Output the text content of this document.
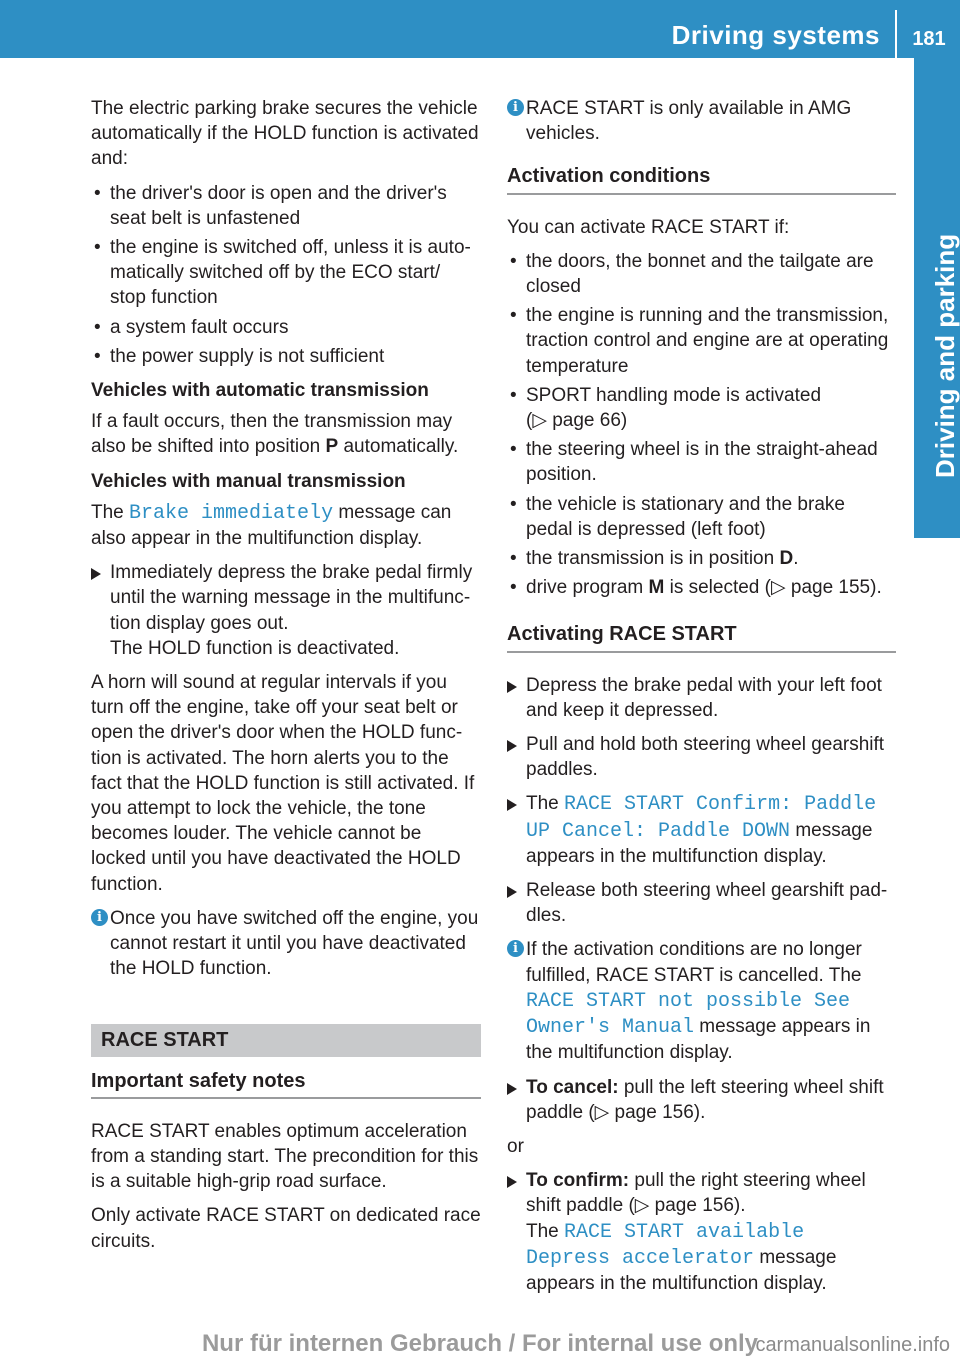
Driving systems	181
Driving and parking

The electric parking brake secures the vehicle automatically if the HOLD function is activated and:

• the driver's door is open and the driver's seat belt is unfastened
• the engine is switched off, unless it is automatically switched off by the ECO start/ stop function
• a system fault occurs
• the power supply is not sufficient

Vehicles with automatic transmission

If a fault occurs, then the transmission may also be shifted into position P automatically.

Vehicles with manual transmission

The Brake immediately message can also appear in the multifunction display.

Immediately depress the brake pedal firmly until the warning message in the multifunction display goes out.
The HOLD function is deactivated.

A horn will sound at regular intervals if you turn off the engine, take off your seat belt or open the driver's door when the HOLD function is activated. The horn alerts you to the fact that the HOLD function is still activated. If you attempt to lock the vehicle, the tone becomes louder. The vehicle cannot be locked until you have deactivated the HOLD function.

i Once you have switched off the engine, you cannot restart it until you have deactivated the HOLD function.
RACE START
Important safety notes

RACE START enables optimum acceleration from a standing start. The precondition for this is a suitable high-grip road surface.

Only activate RACE START on dedicated race circuits.

i RACE START is only available in AMG vehicles.
Activation conditions

You can activate RACE START if:

• the doors, the bonnet and the tailgate are closed
• the engine is running and the transmission, traction control and engine are at operating temperature
• SPORT handling mode is activated
(▷ page 66)
• the steering wheel is in the straight-ahead position.
• the vehicle is stationary and the brake pedal is depressed (left foot)
• the transmission is in position D.
• drive program M is selected (▷ page 155).
Activating RACE START
Depress the brake pedal with your left foot and keep it depressed.
Pull and hold both steering wheel gearshift paddles.
The RACE START Confirm: Paddle UP Cancel: Paddle DOWN message appears in the multifunction display.
Release both steering wheel gearshift paddles.
i If the activation conditions are no longer fulfilled, RACE START is cancelled. The RACE START not possible See Owner's Manual message appears in the multifunction display.
To cancel: pull the left steering wheel shift paddle (▷ page 156).

or

To confirm: pull the right steering wheel shift paddle (▷ page 156).
The RACE START available Depress accelerator message appears in the multifunction display.
Nur für internen Gebrauch / For internal use only
carmanualsonline.info
